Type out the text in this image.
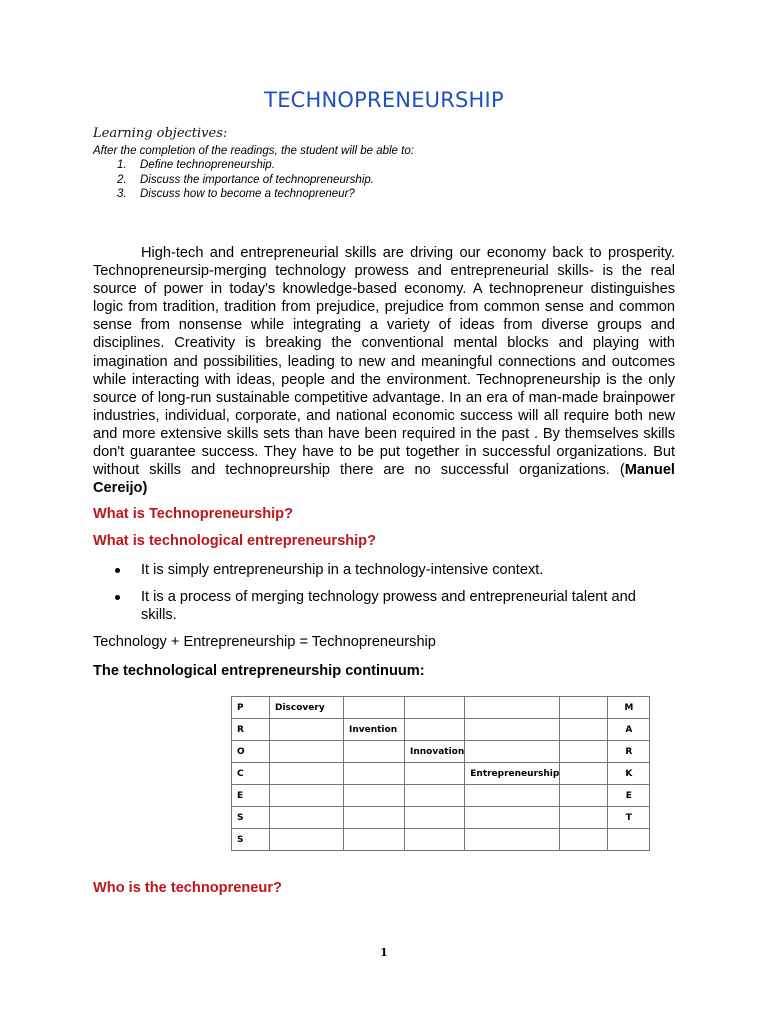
TECHNOPRENEURSHIP
Learning objectives:
After the completion of the readings, the student will be able to:
1. Define technopreneurship.
2. Discuss the importance of technopreneurship.
3. Discuss how to become a technopreneur?
High-tech and entrepreneurial skills are driving our economy back to prosperity. Technopreneursip-merging technology prowess and entrepreneurial skills- is the real source of power in today's knowledge-based economy. A technopreneur distinguishes logic from tradition, tradition from prejudice, prejudice from common sense and common sense from nonsense while integrating a variety of ideas from diverse groups and disciplines. Creativity is breaking the conventional mental blocks and playing with imagination and possibilities, leading to new and meaningful connections and outcomes while interacting with ideas, people and the environment. Technopreneurship is the only source of long-run sustainable competitive advantage. In an era of man-made brainpower industries, individual, corporate, and national economic success will all require both new and more extensive skills sets than have been required in the past . By themselves skills don't guarantee success. They have to be put together in successful organizations. But without skills and technopreurship there are no successful organizations. (Manuel Cereijo)
What is Technopreneurship?
What is technological entrepreneurship?
It is simply entrepreneurship in a technology-intensive context.
It is a process of merging technology prowess and entrepreneurial talent and skills.
Technology + Entrepreneurship = Technopreneurship
The technological entrepreneurship continuum:
P	Discovery					M
R		Invention				A
O			Innovation			R
C				Entrepreneurship		K
E						E
S						T
S						
Who is the technopreneur?
1
